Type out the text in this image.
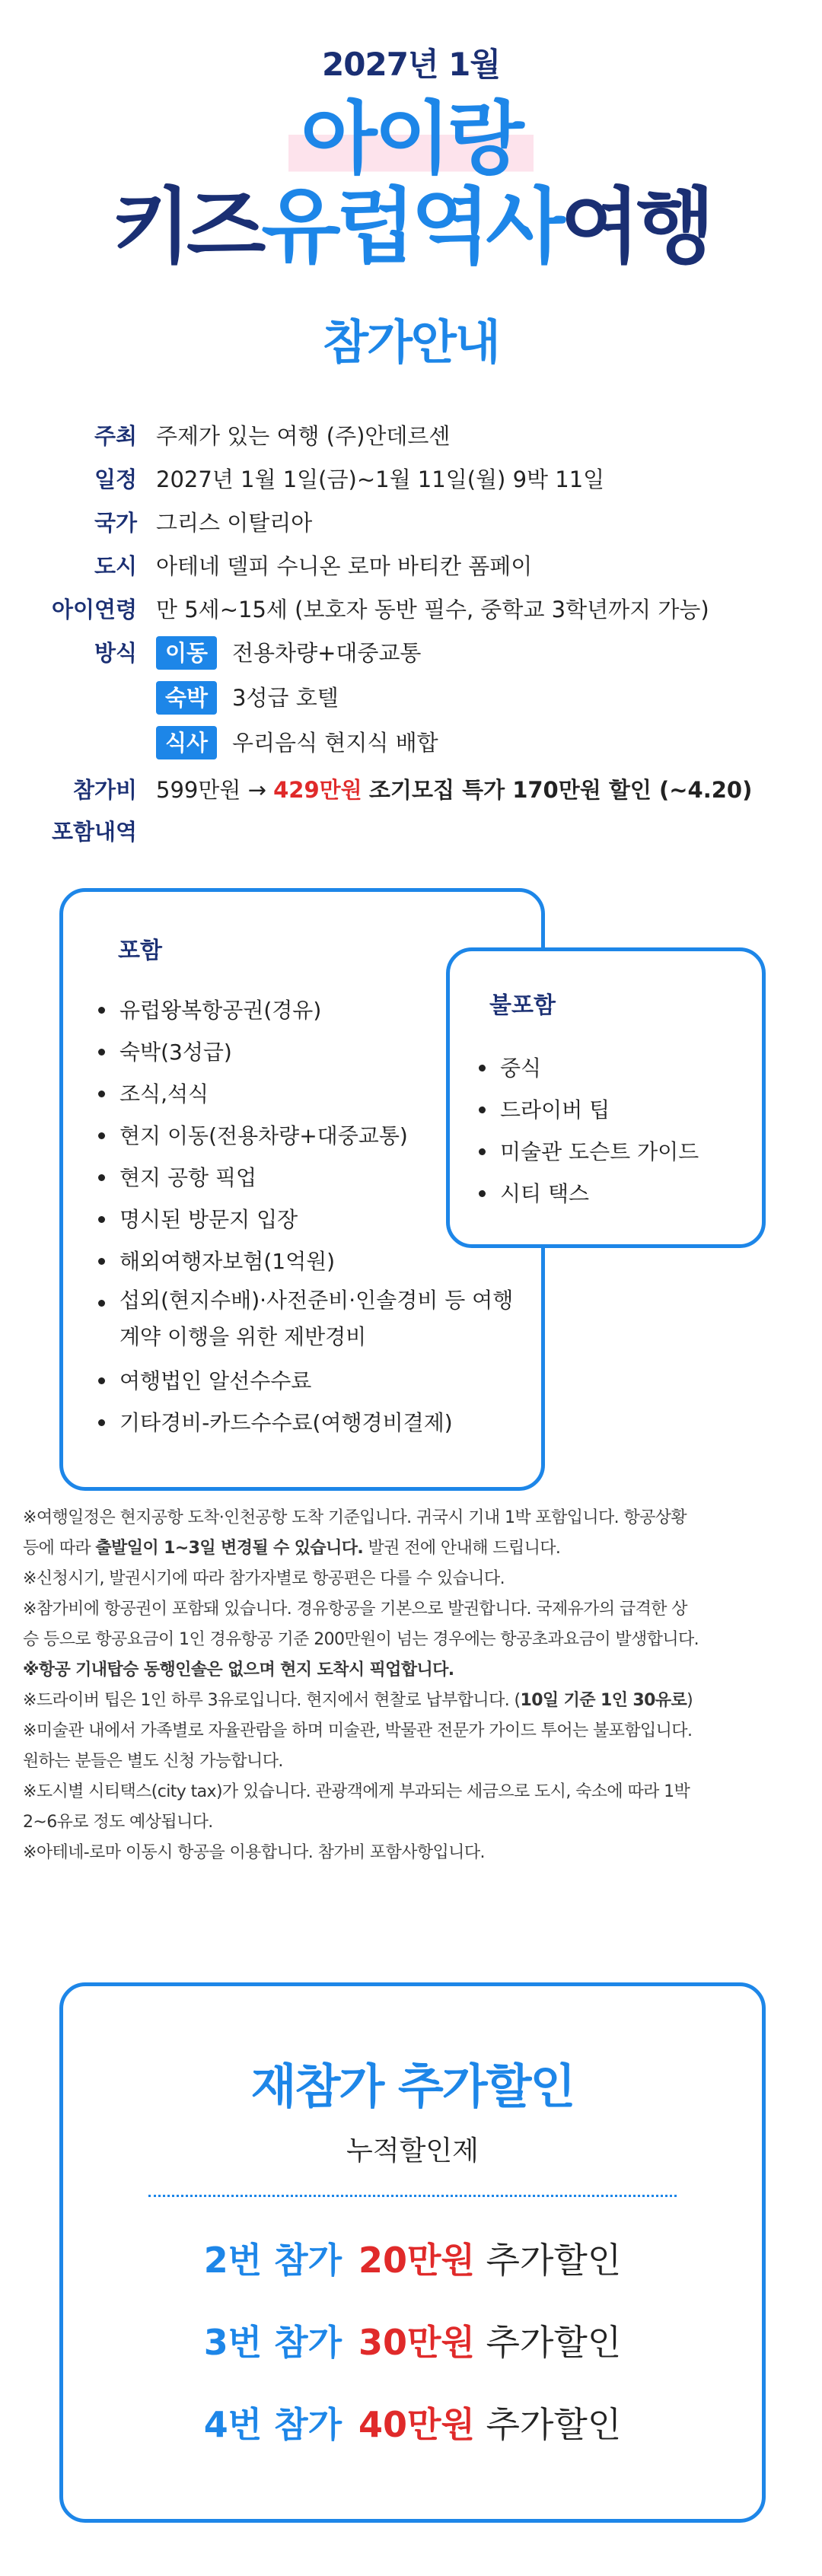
2027년 1월
아이랑
키즈유럽역사여행
참가안내
주최 주제가 있는 여행 (주)안데르센
일정 2027년 1월 1일(금)~1월 11일(월) 9박 11일
국가 그리스 이탈리아
도시 아테네 델피 수니온 로마 바티칸 폼페이
아이연령 만 5세~15세 (보호자 동반 필수, 중학교 3학년까지 가능)
방식	이동 전용차량+대중교통
숙박 3성급 호텔
식사 우리음식 현지식 배합
참가비 599만원 → 429만원 조기모집 특가 170만원 할인 (~4.20)
포함내역
포함
유럽왕복항공권(경유)
숙박(3성급)
조식,석식
현지 이동(전용차량+대중교통)
현지 공항 픽업
명시된 방문지 입장
해외여행자보험(1억원)
섭외(현지수배)·사전준비·인솔경비 등 여행계약 이행을 위한 제반경비
여행법인 알선수수료
기타경비-카드수수료(여행경비결제)
불포함
중식
드라이버 팁
미술관 도슨트 가이드
시티 택스

※여행일정은 현지공항 도착·인천공항 도착 기준입니다. 귀국시 기내 1박 포함입니다. 항공상황

등에 따라 출발일이 1~3일 변경될 수 있습니다. 발권 전에 안내해 드립니다.

※신청시기, 발권시기에 따라 참가자별로 항공편은 다를 수 있습니다.

※참가비에 항공권이 포함돼 있습니다. 경유항공을 기본으로 발권합니다. 국제유가의 급격한 상

승 등으로 항공요금이 1인 경유항공 기준 200만원이 넘는 경우에는 항공초과요금이 발생합니다.

※항공 기내탑승 동행인솔은 없으며 현지 도착시 픽업합니다.

※드라이버 팁은 1인 하루 3유로입니다. 현지에서 현찰로 납부합니다. (10일 기준 1인 30유로)

※미술관 내에서 가족별로 자율관람을 하며 미술관, 박물관 전문가 가이드 투어는 불포함입니다.

원하는 분들은 별도 신청 가능합니다.

※도시별 시티택스(city tax)가 있습니다. 관광객에게 부과되는 세금으로 도시, 숙소에 따라 1박

2~6유로 정도 예상됩니다.

※아테네-로마 이동시 항공을 이용합니다. 참가비 포함사항입니다.

재참가 추가할인
누적할인제
2번 참가 20만원 추가할인
3번 참가 30만원 추가할인
4번 참가 40만원 추가할인
